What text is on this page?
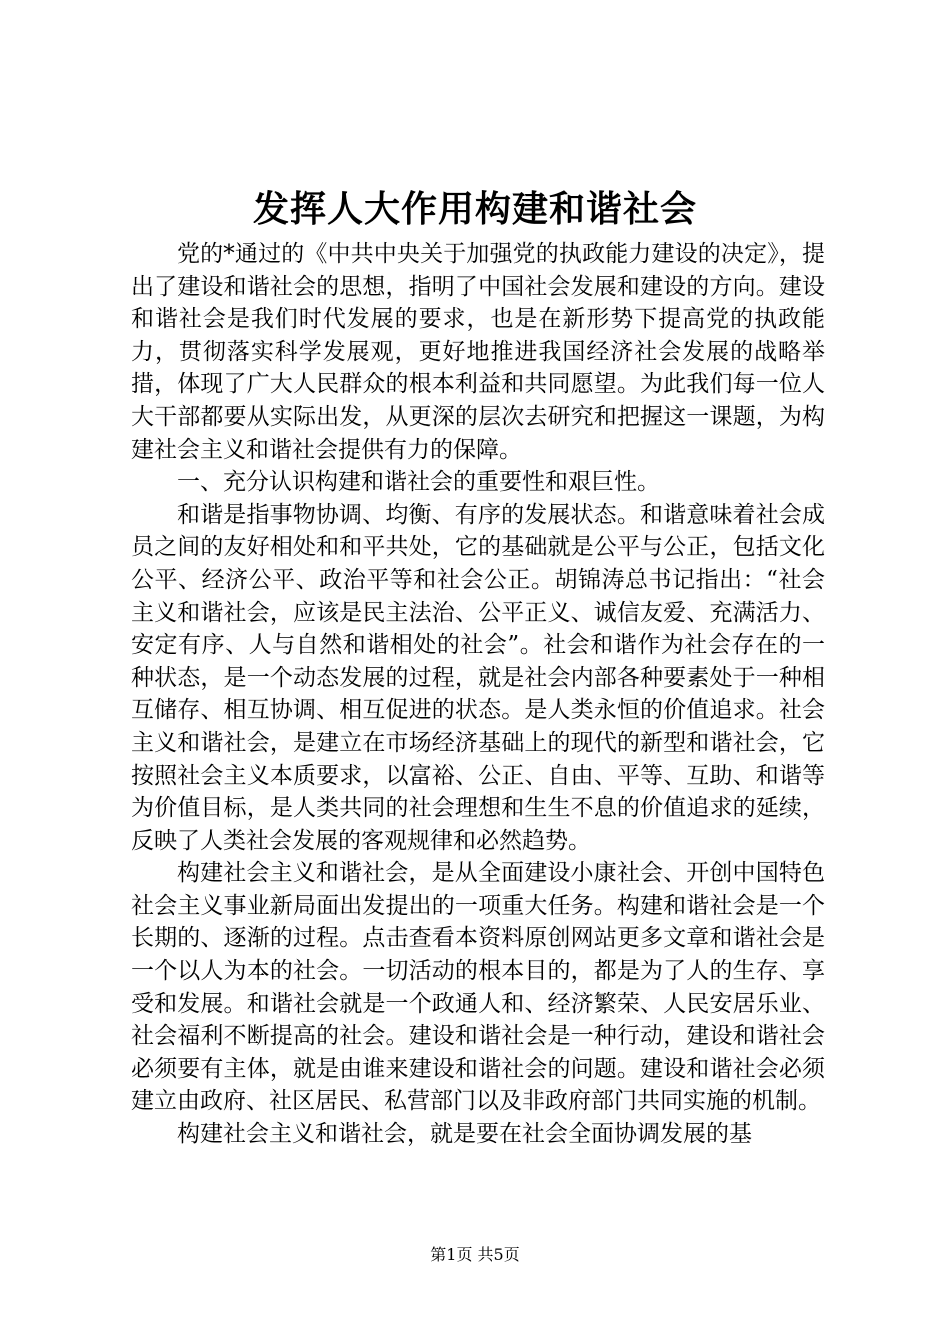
发挥人大作用构建和谐社会

党的*通过的《中共中央关于加强党的执政能力建设的决定》，提出了建设和谐社会的思想，指明了中国社会发展和建设的方向。建设和谐社会是我们时代发展的要求，也是在新形势下提高党的执政能力，贯彻落实科学发展观，更好地推进我国经济社会发展的战略举措，体现了广大人民群众的根本利益和共同愿望。为此我们每一位人大干部都要从实际出发，从更深的层次去研究和把握这一课题，为构建社会主义和谐社会提供有力的保障。

一、充分认识构建和谐社会的重要性和艰巨性。

和谐是指事物协调、均衡、有序的发展状态。和谐意味着社会成员之间的友好相处和和平共处，它的基础就是公平与公正，包括文化公平、经济公平、政治平等和社会公正。胡锦涛总书记指出：“社会主义和谐社会，应该是民主法治、公平正义、诚信友爱、充满活力、安定有序、人与自然和谐相处的社会”。社会和谐作为社会存在的一种状态，是一个动态发展的过程，就是社会内部各种要素处于一种相互储存、相互协调、相互促进的状态。是人类永恒的价值追求。社会主义和谐社会，是建立在市场经济基础上的现代的新型和谐社会，它按照社会主义本质要求，以富裕、公正、自由、平等、互助、和谐等为价值目标，是人类共同的社会理想和生生不息的价值追求的延续，反映了人类社会发展的客观规律和必然趋势。

构建社会主义和谐社会，是从全面建设小康社会、开创中国特色社会主义事业新局面出发提出的一项重大任务。构建和谐社会是一个长期的、逐渐的过程。点击查看本资料原创网站更多文章和谐社会是一个以人为本的社会。一切活动的根本目的，都是为了人的生存、享受和发展。和谐社会就是一个政通人和、经济繁荣、人民安居乐业、社会福利不断提高的社会。建设和谐社会是一种行动，建设和谐社会必须要有主体，就是由谁来建设和谐社会的问题。建设和谐社会必须建立由政府、社区居民、私营部门以及非政府部门共同实施的机制。

构建社会主义和谐社会，就是要在社会全面协调发展的基

第1页 共5页
